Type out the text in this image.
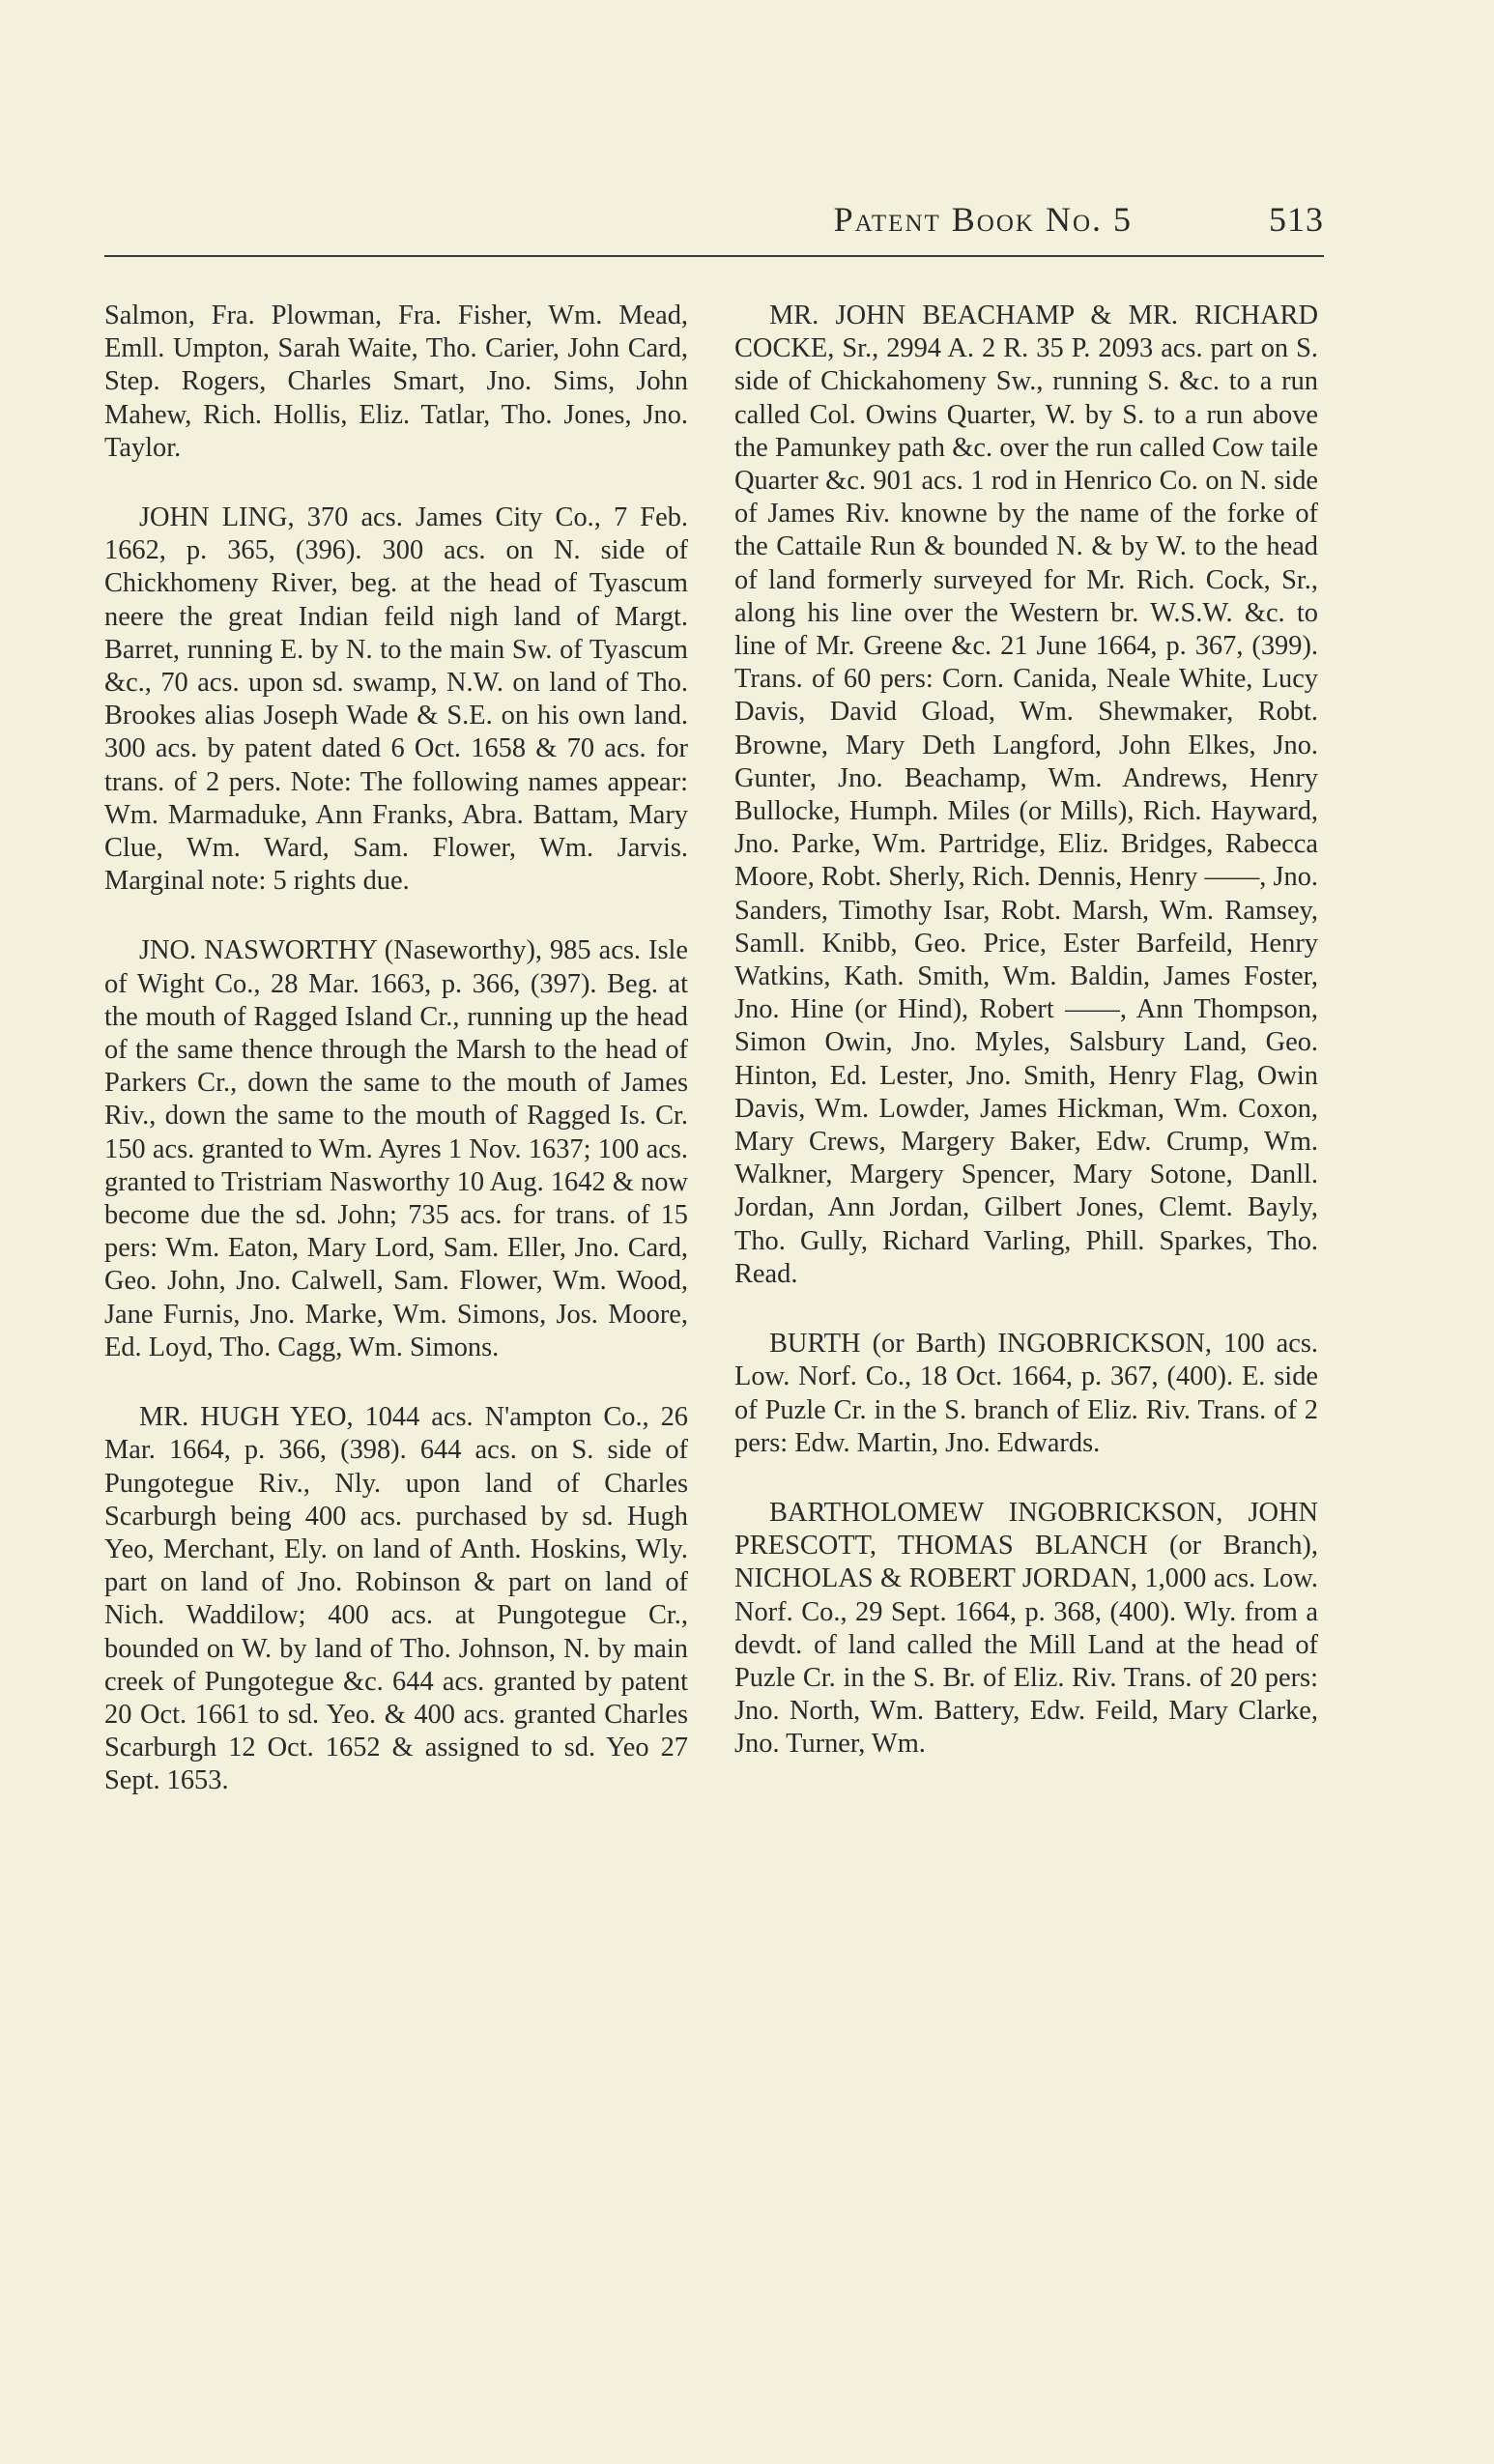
Patent Book No. 5	513

Salmon, Fra. Plowman, Fra. Fisher, Wm. Mead, Emll. Umpton, Sarah Waite, Tho. Carier, John Card, Step. Rogers, Charles Smart, Jno. Sims, John Mahew, Rich. Hollis, Eliz. Tatlar, Tho. Jones, Jno. Taylor.

JOHN LING, 370 acs. James City Co., 7 Feb. 1662, p. 365, (396). 300 acs. on N. side of Chickhomeny River, beg. at the head of Tyascum neere the great Indian feild nigh land of Margt. Barret, running E. by N. to the main Sw. of Tyascum &c., 70 acs. upon sd. swamp, N.W. on land of Tho. Brookes alias Joseph Wade & S.E. on his own land. 300 acs. by patent dated 6 Oct. 1658 & 70 acs. for trans. of 2 pers. Note: The following names appear: Wm. Marmaduke, Ann Franks, Abra. Battam, Mary Clue, Wm. Ward, Sam. Flower, Wm. Jarvis. Marginal note: 5 rights due.

JNO. NASWORTHY (Naseworthy), 985 acs. Isle of Wight Co., 28 Mar. 1663, p. 366, (397). Beg. at the mouth of Ragged Island Cr., running up the head of the same thence through the Marsh to the head of Parkers Cr., down the same to the mouth of James Riv., down the same to the mouth of Ragged Is. Cr. 150 acs. granted to Wm. Ayres 1 Nov. 1637; 100 acs. granted to Tristriam Nasworthy 10 Aug. 1642 & now become due the sd. John; 735 acs. for trans. of 15 pers: Wm. Eaton, Mary Lord, Sam. Eller, Jno. Card, Geo. John, Jno. Calwell, Sam. Flower, Wm. Wood, Jane Furnis, Jno. Marke, Wm. Simons, Jos. Moore, Ed. Loyd, Tho. Cagg, Wm. Simons.

MR. HUGH YEO, 1044 acs. N'ampton Co., 26 Mar. 1664, p. 366, (398). 644 acs. on S. side of Pungotegue Riv., Nly. upon land of Charles Scarburgh being 400 acs. purchased by sd. Hugh Yeo, Merchant, Ely. on land of Anth. Hoskins, Wly. part on land of Jno. Robinson & part on land of Nich. Waddilow; 400 acs. at Pungotegue Cr., bounded on W. by land of Tho. Johnson, N. by main creek of Pungotegue &c. 644 acs. granted by patent 20 Oct. 1661 to sd. Yeo. & 400 acs. granted Charles Scarburgh 12 Oct. 1652 & assigned to sd. Yeo 27 Sept. 1653.

MR. JOHN BEACHAMP & MR. RICHARD COCKE, Sr., 2994 A. 2 R. 35 P. 2093 acs. part on S. side of Chickahomeny Sw., running S. &c. to a run called Col. Owins Quarter, W. by S. to a run above the Pamunkey path &c. over the run called Cow taile Quarter &c. 901 acs. 1 rod in Henrico Co. on N. side of James Riv. knowne by the name of the forke of the Cattaile Run & bounded N. & by W. to the head of land formerly surveyed for Mr. Rich. Cock, Sr., along his line over the Western br. W.S.W. &c. to line of Mr. Greene &c. 21 June 1664, p. 367, (399). Trans. of 60 pers: Corn. Canida, Neale White, Lucy Davis, David Gload, Wm. Shewmaker, Robt. Browne, Mary Deth Langford, John Elkes, Jno. Gunter, Jno. Beachamp, Wm. Andrews, Henry Bullocke, Humph. Miles (or Mills), Rich. Hayward, Jno. Parke, Wm. Partridge, Eliz. Bridges, Rabecca Moore, Robt. Sherly, Rich. Dennis, Henry ——, Jno. Sanders, Timothy Isar, Robt. Marsh, Wm. Ramsey, Samll. Knibb, Geo. Price, Ester Barfeild, Henry Watkins, Kath. Smith, Wm. Baldin, James Foster, Jno. Hine (or Hind), Robert ——, Ann Thompson, Simon Owin, Jno. Myles, Salsbury Land, Geo. Hinton, Ed. Lester, Jno. Smith, Henry Flag, Owin Davis, Wm. Lowder, James Hickman, Wm. Coxon, Mary Crews, Margery Baker, Edw. Crump, Wm. Walkner, Margery Spencer, Mary Sotone, Danll. Jordan, Ann Jordan, Gilbert Jones, Clemt. Bayly, Tho. Gully, Richard Varling, Phill. Sparkes, Tho. Read.

BURTH (or Barth) INGOBRICKSON, 100 acs. Low. Norf. Co., 18 Oct. 1664, p. 367, (400). E. side of Puzle Cr. in the S. branch of Eliz. Riv. Trans. of 2 pers: Edw. Martin, Jno. Edwards.

BARTHOLOMEW INGOBRICKSON, JOHN PRESCOTT, THOMAS BLANCH (or Branch), NICHOLAS & ROBERT JORDAN, 1,000 acs. Low. Norf. Co., 29 Sept. 1664, p. 368, (400). Wly. from a devdt. of land called the Mill Land at the head of Puzle Cr. in the S. Br. of Eliz. Riv. Trans. of 20 pers: Jno. North, Wm. Battery, Edw. Feild, Mary Clarke, Jno. Turner, Wm.
